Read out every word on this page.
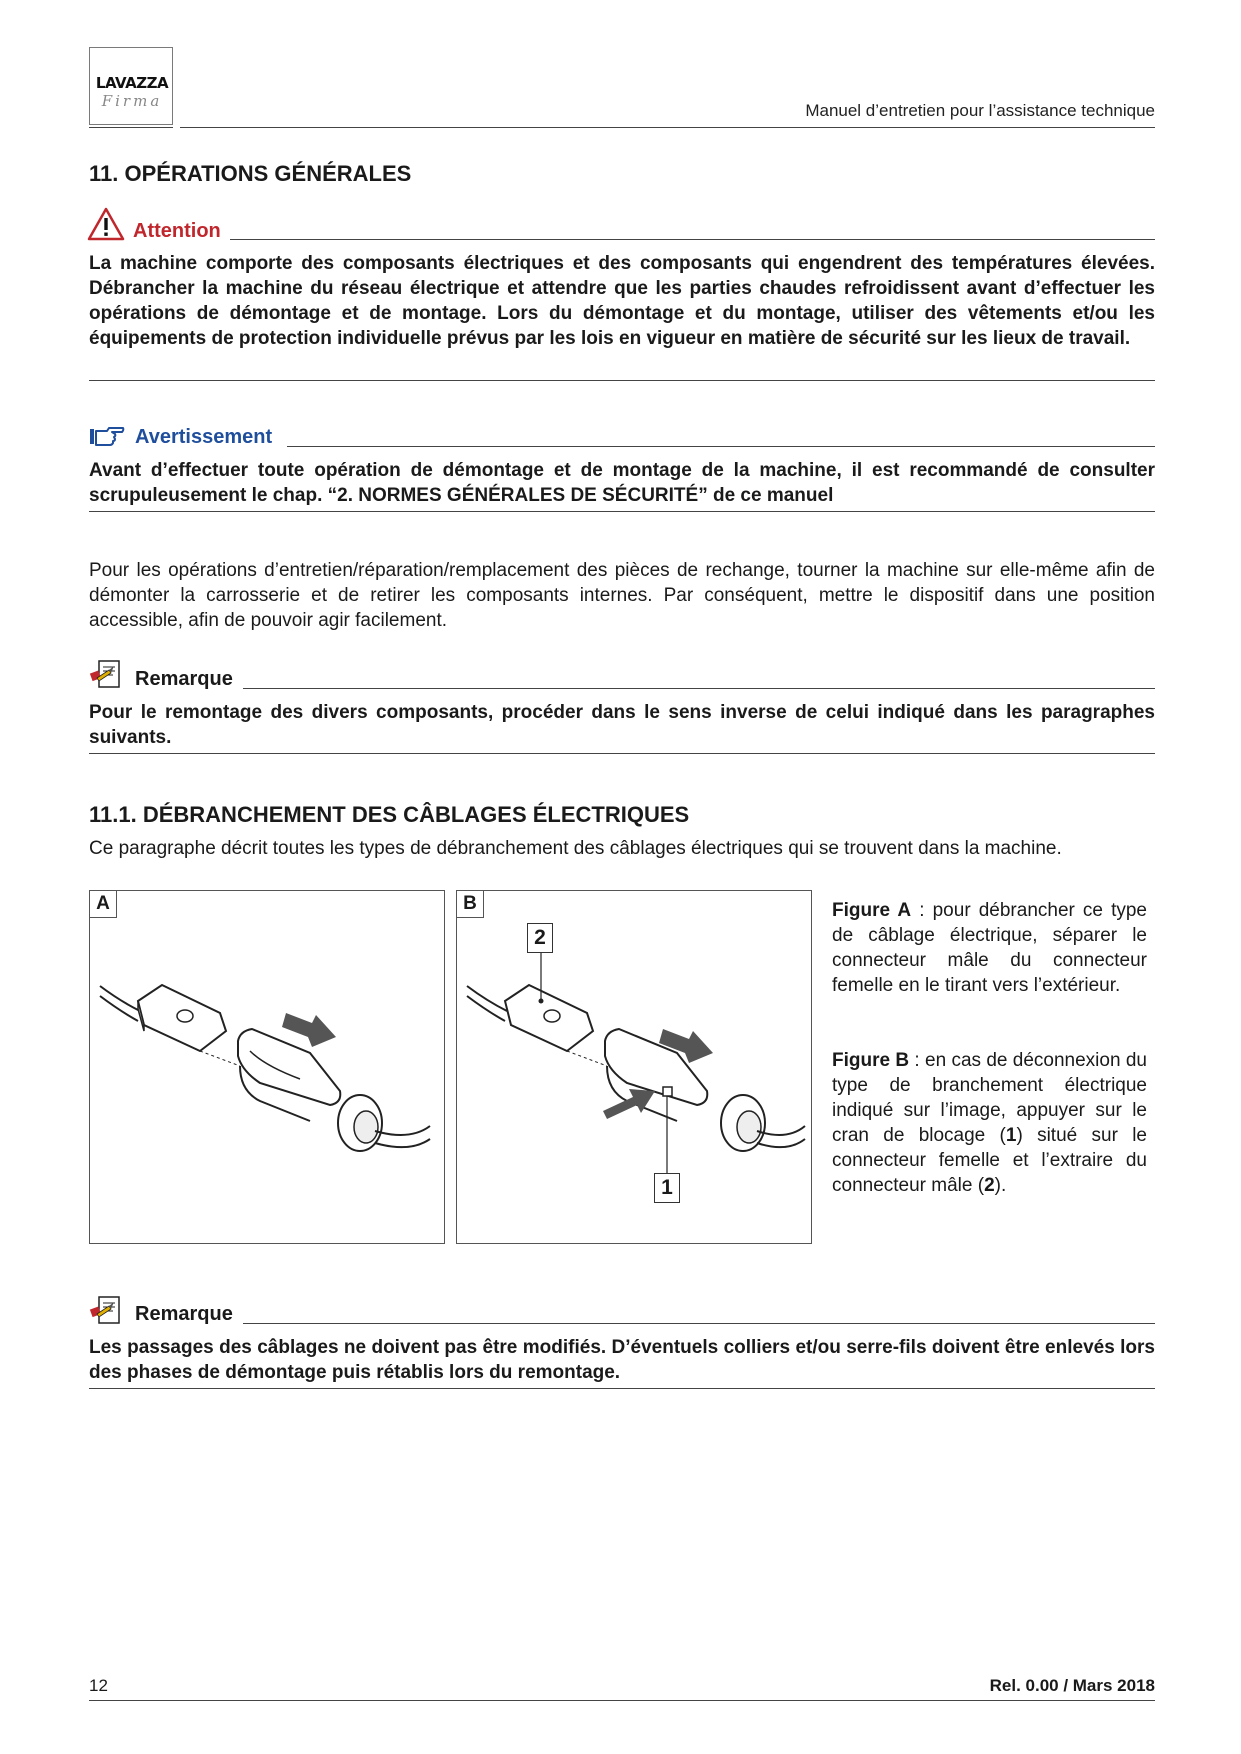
LAVAZZA
Firma	Manuel d’entretien pour l’assistance technique
11. OPÉRATIONS GÉNÉRALES
Attention
La machine comporte des composants électriques et des composants qui engendrent des températures élevées. Débrancher la machine du réseau électrique et attendre que les parties chaudes refroidissent avant d’effectuer les opérations de démontage et de montage. Lors du démontage et du montage, utiliser des vêtements et/ou les équipements de protection individuelle prévus par les lois en vigueur en matière de sécurité sur les lieux de travail.
Avertissement
Avant d’effectuer toute opération de démontage et de montage de la machine, il est recommandé de consulter scrupuleusement le chap. “2. NORMES GÉNÉRALES DE SÉCURITÉ” de ce manuel
Pour les opérations d’entretien/réparation/remplacement des pièces de rechange, tourner la machine sur elle-même afin de démonter la carrosserie et de retirer les composants internes. Par conséquent, mettre le dispositif dans une position accessible, afin de pouvoir agir facilement.
Remarque
Pour le remontage des divers composants, procéder dans le sens inverse de celui indiqué dans les paragraphes suivants.
11.1. DÉBRANCHEMENT DES CÂBLAGES ÉLECTRIQUES
Ce paragraphe décrit toutes les types de débranchement des câblages électriques qui se trouvent dans la machine.
A	B
2
1
Figure A : pour débrancher ce type de câblage électrique, séparer le connecteur mâle du connecteur femelle en le tirant vers l’extérieur.
Figure B : en cas de déconnexion du type de branchement électrique indiqué sur l’image, appuyer sur le cran de blocage (1) situé sur le connecteur femelle et l’extraire du connecteur mâle (2).
Remarque
Les passages des câblages ne doivent pas être modifiés. D’éventuels colliers et/ou serre-fils doivent être enlevés lors des phases de démontage puis rétablis lors du remontage.
12	Rel. 0.00 / Mars 2018
